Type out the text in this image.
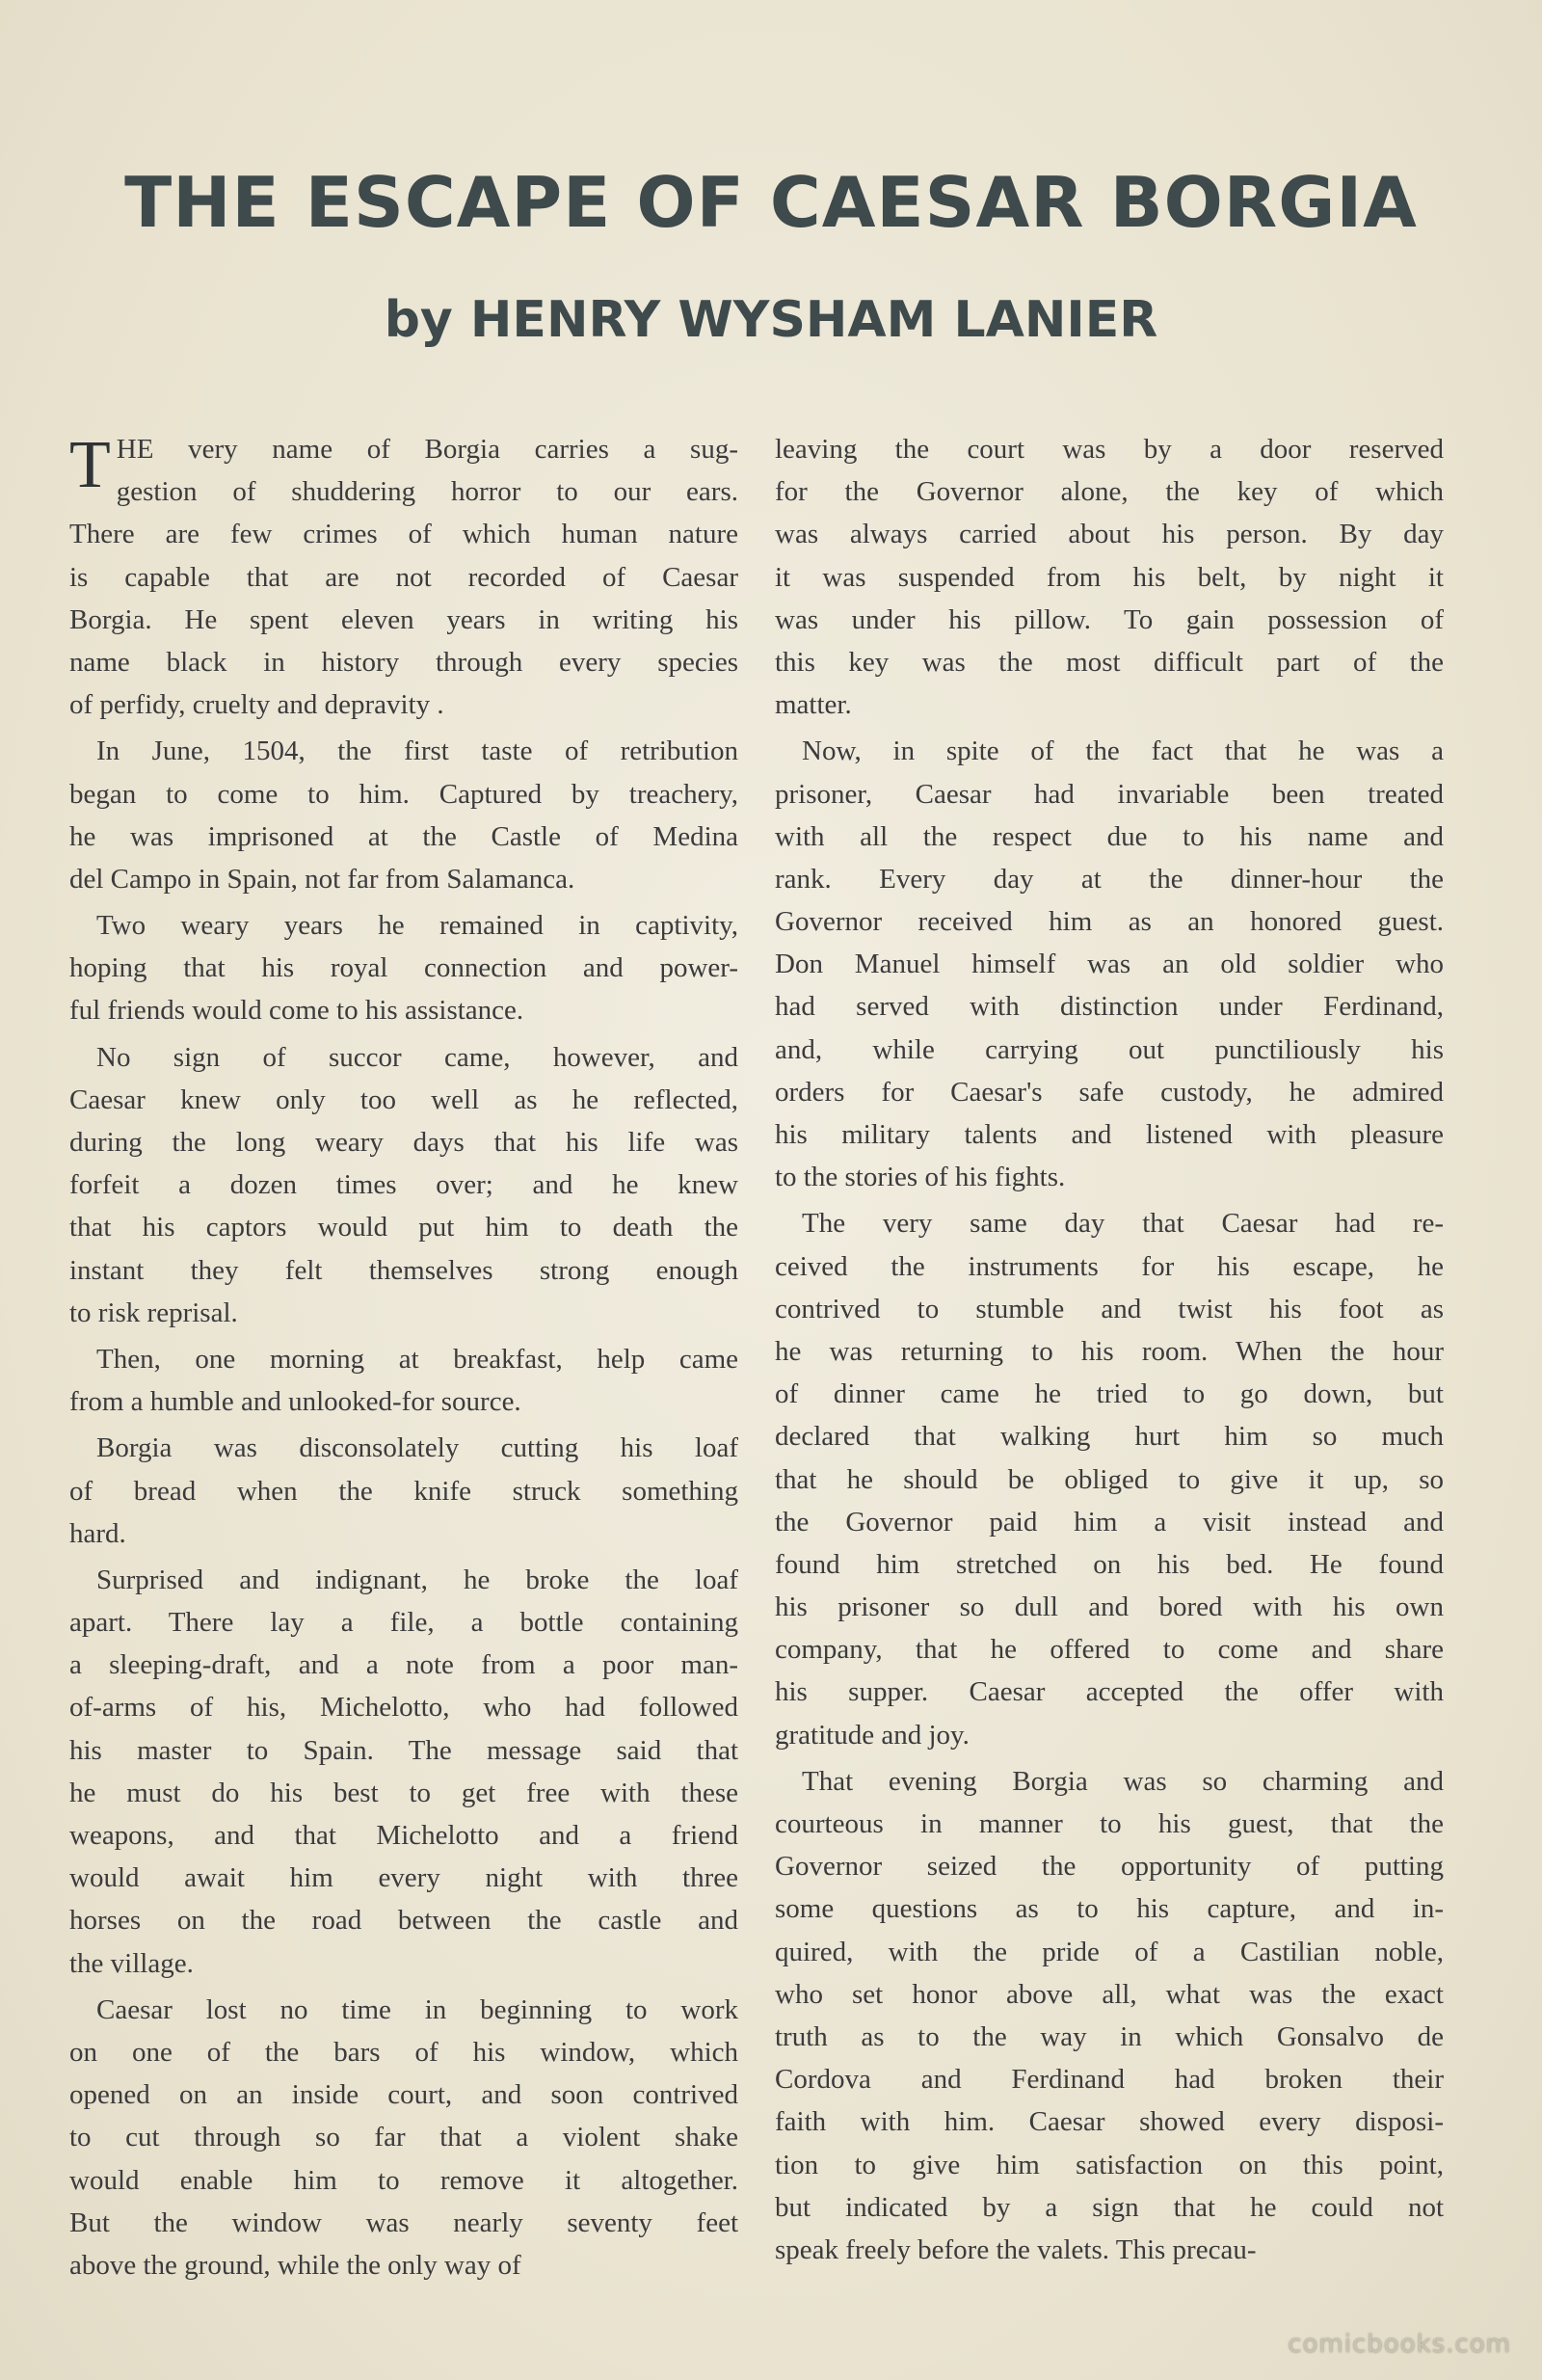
THE ESCAPE OF CAESAR BORGIA
by HENRY WYSHAM LANIER
T HE very name of Borgia carries a sug-
gestion of shuddering horror to our ears.
There are few crimes of which human nature
is capable that are not recorded of Caesar
Borgia. He spent eleven years in writing his
name black in history through every species
of perfidy, cruelty and depravity .
In June, 1504, the first taste of retribution
began to come to him. Captured by treachery,
he was imprisoned at the Castle of Medina
del Campo in Spain, not far from Salamanca.
Two weary years he remained in captivity,
hoping that his royal connection and power-
ful friends would come to his assistance.
No sign of succor came, however, and
Caesar knew only too well as he reflected,
during the long weary days that his life was
forfeit a dozen times over; and he knew
that his captors would put him to death the
instant they felt themselves strong enough
to risk reprisal.
Then, one morning at breakfast, help came
from a humble and unlooked-for source.
Borgia was disconsolately cutting his loaf
of bread when the knife struck something
hard.
Surprised and indignant, he broke the loaf
apart. There lay a file, a bottle containing
a sleeping-draft, and a note from a poor man-
of-arms of his, Michelotto, who had followed
his master to Spain. The message said that
he must do his best to get free with these
weapons, and that Michelotto and a friend
would await him every night with three
horses on the road between the castle and
the village.
Caesar lost no time in beginning to work
on one of the bars of his window, which
opened on an inside court, and soon contrived
to cut through so far that a violent shake
would enable him to remove it altogether.
But the window was nearly seventy feet
above the ground, while the only way of
leaving the court was by a door reserved
for the Governor alone, the key of which
was always carried about his person. By day
it was suspended from his belt, by night it
was under his pillow. To gain possession of
this key was the most difficult part of the
matter.
Now, in spite of the fact that he was a
prisoner, Caesar had invariable been treated
with all the respect due to his name and
rank. Every day at the dinner-hour the
Governor received him as an honored guest.
Don Manuel himself was an old soldier who
had served with distinction under Ferdinand,
and, while carrying out punctiliously his
orders for Caesar's safe custody, he admired
his military talents and listened with pleasure
to the stories of his fights.
The very same day that Caesar had re-
ceived the instruments for his escape, he
contrived to stumble and twist his foot as
he was returning to his room. When the hour
of dinner came he tried to go down, but
declared that walking hurt him so much
that he should be obliged to give it up, so
the Governor paid him a visit instead and
found him stretched on his bed. He found
his prisoner so dull and bored with his own
company, that he offered to come and share
his supper. Caesar accepted the offer with
gratitude and joy.
That evening Borgia was so charming and
courteous in manner to his guest, that the
Governor seized the opportunity of putting
some questions as to his capture, and in-
quired, with the pride of a Castilian noble,
who set honor above all, what was the exact
truth as to the way in which Gonsalvo de
Cordova and Ferdinand had broken their
faith with him. Caesar showed every disposi-
tion to give him satisfaction on this point,
but indicated by a sign that he could not
speak freely before the valets. This precau-
comicbooks.com
